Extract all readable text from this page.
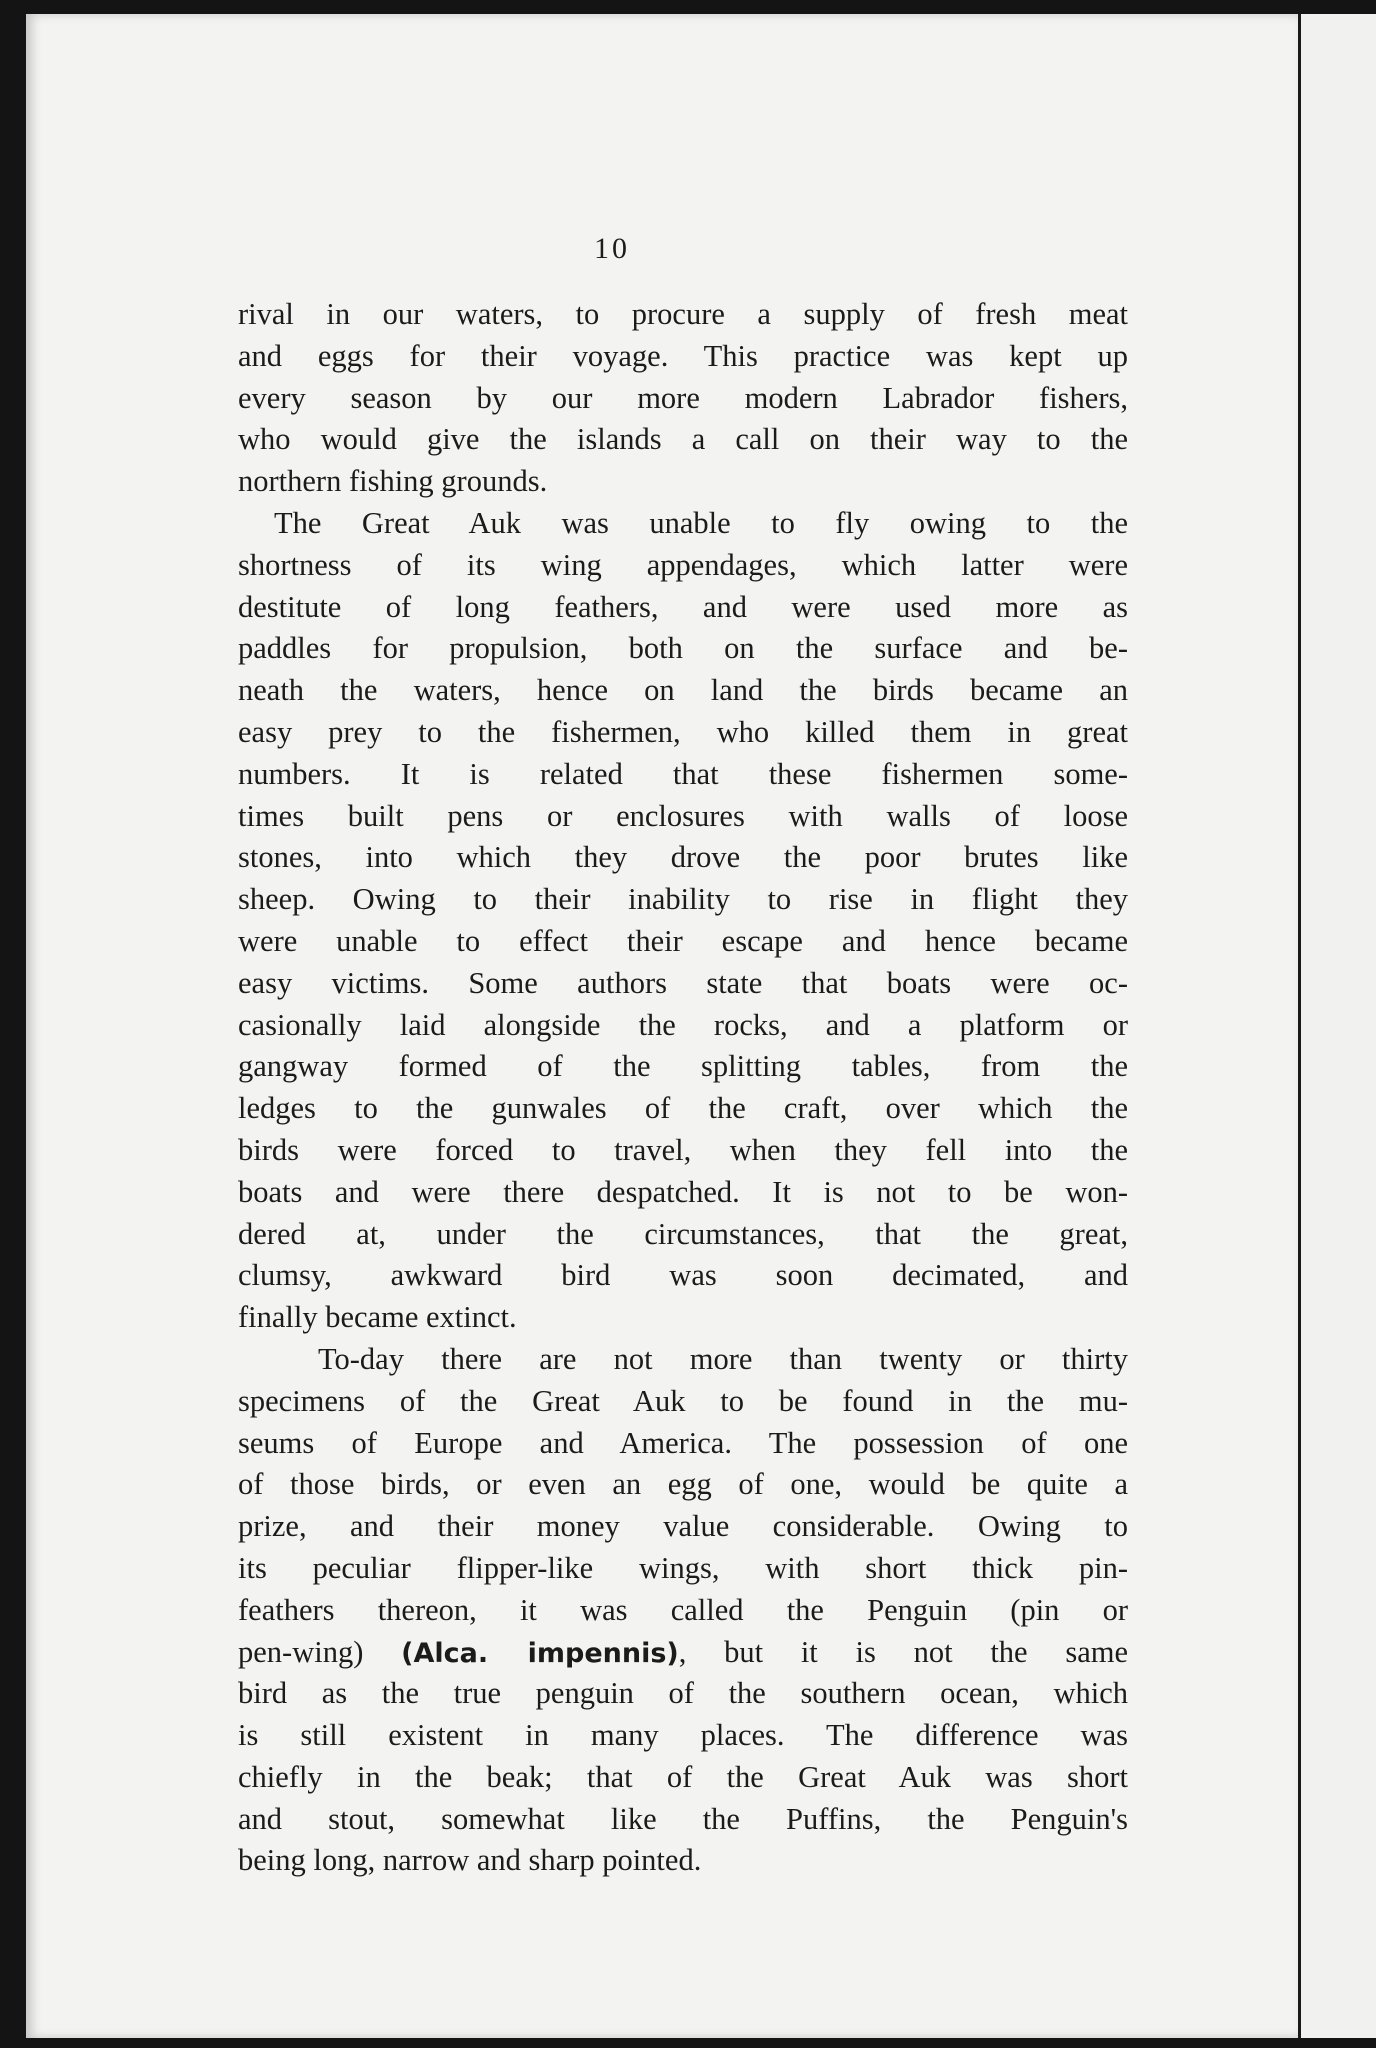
10
rival in our waters, to procure a supply of fresh meat
and eggs for their voyage. This practice was kept up
every season by our more modern Labrador fishers,
who would give the islands a call on their way to the
northern fishing grounds.
The Great Auk was unable to fly owing to the
shortness of its wing appendages, which latter were
destitute of long feathers, and were used more as
paddles for propulsion, both on the surface and be-
neath the waters, hence on land the birds became an
easy prey to the fishermen, who killed them in great
numbers. It is related that these fishermen some-
times built pens or enclosures with walls of loose
stones, into which they drove the poor brutes like
sheep. Owing to their inability to rise in flight they
were unable to effect their escape and hence became
easy victims. Some authors state that boats were oc-
casionally laid alongside the rocks, and a platform or
gangway formed of the splitting tables, from the
ledges to the gunwales of the craft, over which the
birds were forced to travel, when they fell into the
boats and were there despatched. It is not to be won-
dered at, under the circumstances, that the great,
clumsy, awkward bird was soon decimated, and
finally became extinct.
To-day there are not more than twenty or thirty
specimens of the Great Auk to be found in the mu-
seums of Europe and America. The possession of one
of those birds, or even an egg of one, would be quite a
prize, and their money value considerable. Owing to
its peculiar flipper-like wings, with short thick pin-
feathers thereon, it was called the Penguin (pin or
pen-wing) (Alca. impennis), but it is not the same
bird as the true penguin of the southern ocean, which
is still existent in many places. The difference was
chiefly in the beak; that of the Great Auk was short
and stout, somewhat like the Puffins, the Penguin's
being long, narrow and sharp pointed.
